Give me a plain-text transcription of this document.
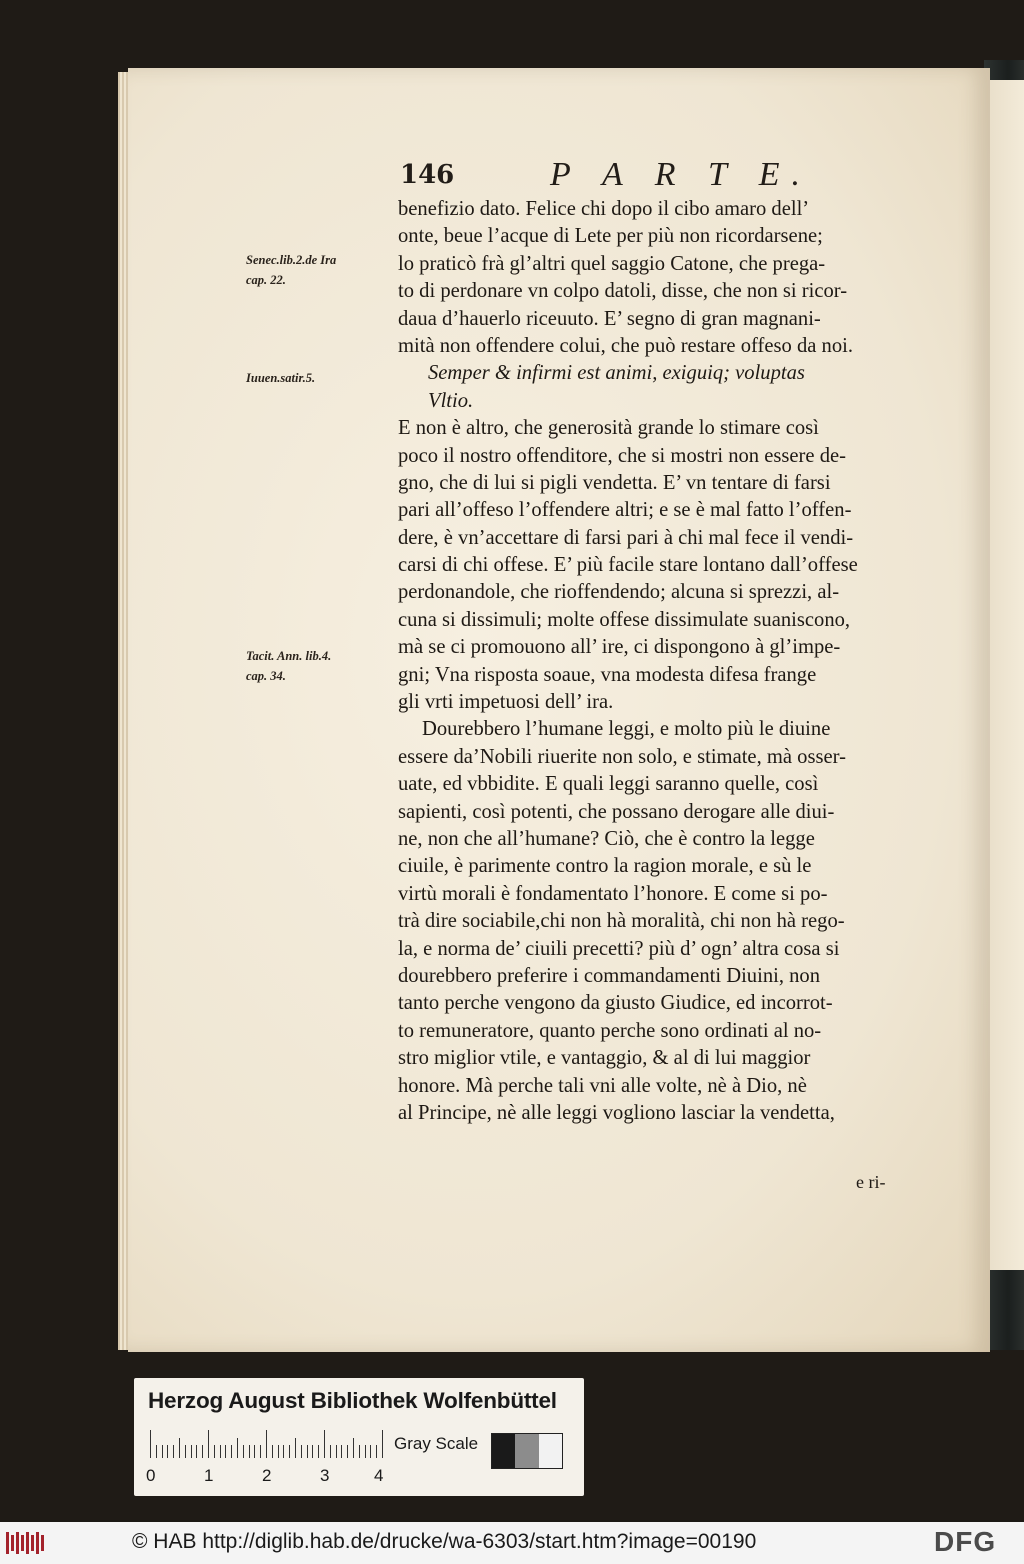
146	P A R T E.
Senec.lib.2.de Ira
cap. 22.
Iuuen.satir.5.
Tacit. Ann. lib.4.
cap. 34.
benefizio dato. Felice chi dopo il cibo amaro dell’
onte, beue l’acque di Lete per più non ricordarsene;
lo praticò frà gl’altri quel saggio Catone, che prega-
to di perdonare vn colpo datoli, disse, che non si ricor-
daua d’hauerlo riceuuto. E’ segno di gran magnani-
mità non offendere colui, che può restare offeso da noi.
Semper & infirmi est animi, exiguiq; voluptas
Vltio.
E non è altro, che generosità grande lo stimare così
poco il nostro offenditore, che si mostri non essere de-
gno, che di lui si pigli vendetta. E’ vn tentare di farsi
pari all’offeso l’offendere altri; e se è mal fatto l’offen-
dere, è vn’accettare di farsi pari à chi mal fece il vendi-
carsi di chi offese. E’ più facile stare lontano dall’offese
perdonandole, che rioffendendo; alcuna si sprezzi, al-
cuna si dissimuli; molte offese dissimulate suaniscono,
mà se ci promouono all’ ire, ci dispongono à gl’impe-
gni; Vna risposta soaue, vna modesta difesa frange
gli vrti impetuosi dell’ ira.
Dourebbero l’humane leggi, e molto più le diuine
essere da’Nobili riuerite non solo, e stimate, mà osser-
uate, ed vbbidite. E quali leggi saranno quelle, così
sapienti, così potenti, che possano derogare alle diui-
ne, non che all’humane? Ciò, che è contro la legge
ciuile, è parimente contro la ragion morale, e sù le
virtù morali è fondamentato l’honore. E come si po-
trà dire sociabile,chi non hà moralità, chi non hà rego-
la, e norma de’ ciuili precetti? più d’ ogn’ altra cosa si
dourebbero preferire i commandamenti Diuini, non
tanto perche vengono da giusto Giudice, ed incorrot-
to remuneratore, quanto perche sono ordinati al no-
stro miglior vtile, e vantaggio, & al di lui maggior
honore. Mà perche tali vni alle volte, nè à Dio, nè
al Principe, nè alle leggi vogliono lasciar la vendetta,
e ri-
Herzog August Bibliothek Wolfenbüttel
0	1	2	3	4
Gray Scale
© HAB http://diglib.hab.de/drucke/wa-6303/start.htm?image=00190	DFG
